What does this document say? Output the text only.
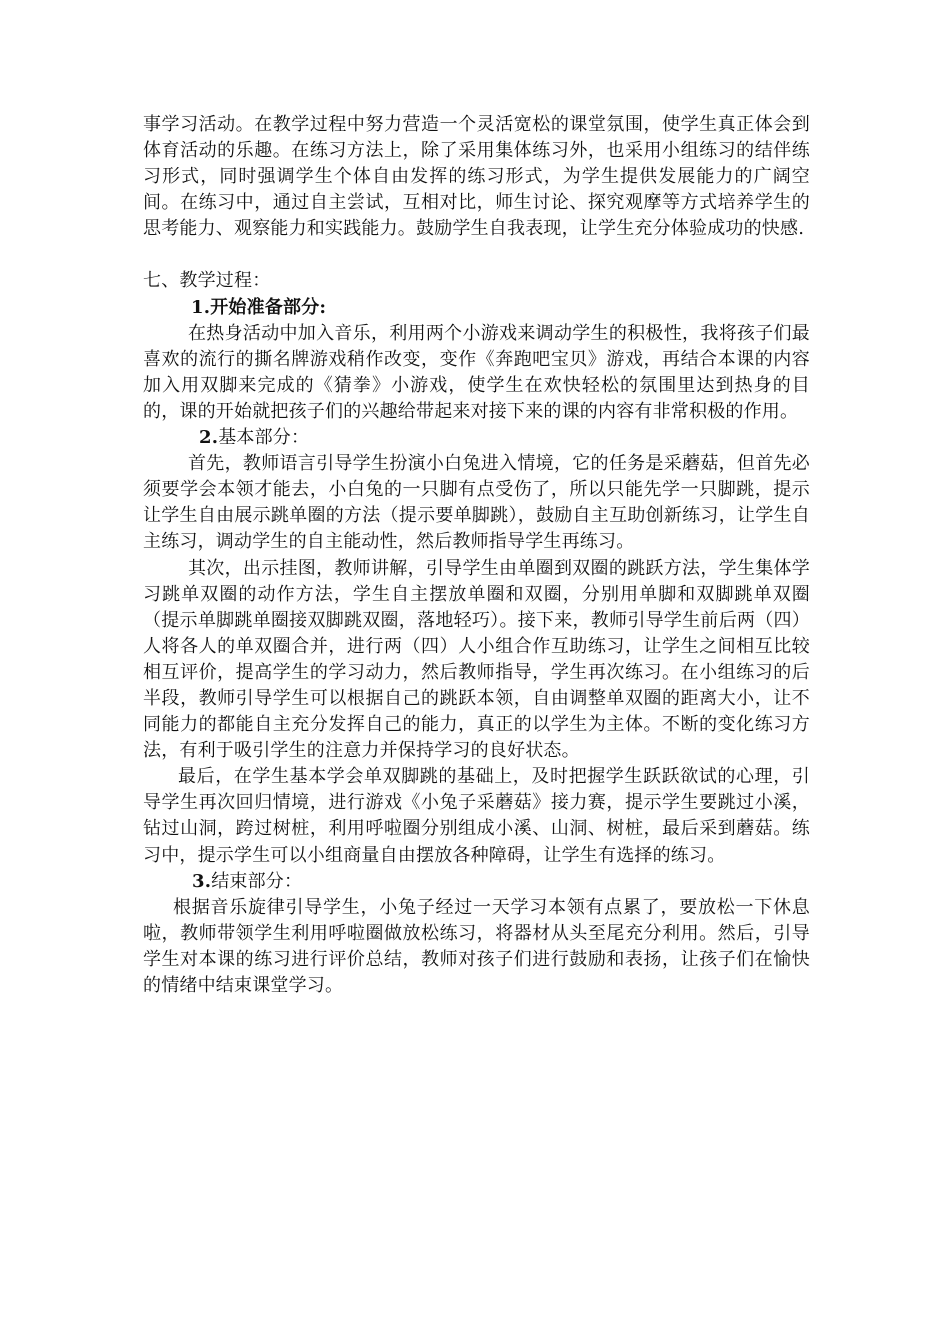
事学习活动。在教学过程中努力营造一个灵活宽松的课堂氛围，使学生真正体会到体育活动的乐趣。在练习方法上，除了采用集体练习外，也采用小组练习的结伴练习形式，同时强调学生个体自由发挥的练习形式，为学生提供发展能力的广阔空间。在练习中，通过自主尝试，互相对比，师生讨论、探究观摩等方式培养学生的思考能力、观察能力和实践能力。鼓励学生自我表现，让学生充分体验成功的快感.

七、教学过程：

1.开始准备部分:

在热身活动中加入音乐，利用两个小游戏来调动学生的积极性，我将孩子们最喜欢的流行的撕名牌游戏稍作改变，变作《奔跑吧宝贝》游戏，再结合本课的内容加入用双脚来完成的《猜拳》小游戏，使学生在欢快轻松的氛围里达到热身的目的，课的开始就把孩子们的兴趣给带起来对接下来的课的内容有非常积极的作用。

2.基本部分：

首先，教师语言引导学生扮演小白兔进入情境，它的任务是采蘑菇，但首先必须要学会本领才能去，小白兔的一只脚有点受伤了，所以只能先学一只脚跳，提示让学生自由展示跳单圈的方法（提示要单脚跳），鼓励自主互助创新练习，让学生自主练习，调动学生的自主能动性，然后教师指导学生再练习。

其次，出示挂图，教师讲解，引导学生由单圈到双圈的跳跃方法，学生集体学习跳单双圈的动作方法，学生自主摆放单圈和双圈，分别用单脚和双脚跳单双圈（提示单脚跳单圈接双脚跳双圈，落地轻巧）。接下来，教师引导学生前后两（四）人将各人的单双圈合并，进行两（四）人小组合作互助练习，让学生之间相互比较相互评价，提高学生的学习动力，然后教师指导，学生再次练习。在小组练习的后半段，教师引导学生可以根据自己的跳跃本领，自由调整单双圈的距离大小，让不同能力的都能自主充分发挥自己的能力，真正的以学生为主体。不断的变化练习方法，有利于吸引学生的注意力并保持学习的良好状态。

最后，在学生基本学会单双脚跳的基础上，及时把握学生跃跃欲试的心理，引导学生再次回归情境，进行游戏《小兔子采蘑菇》接力赛，提示学生要跳过小溪，钻过山洞，跨过树桩，利用呼啦圈分别组成小溪、山洞、树桩，最后采到蘑菇。练习中，提示学生可以小组商量自由摆放各种障碍，让学生有选择的练习。

3.结束部分：

根据音乐旋律引导学生，小兔子经过一天学习本领有点累了，要放松一下休息啦，教师带领学生利用呼啦圈做放松练习，将器材从头至尾充分利用。然后，引导学生对本课的练习进行评价总结，教师对孩子们进行鼓励和表扬，让孩子们在愉快的情绪中结束课堂学习。
